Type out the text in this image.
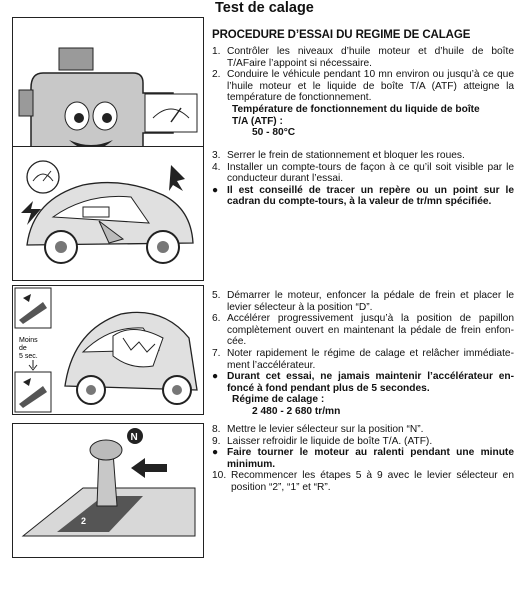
Test de calage
PROCEDURE D’ESSAI DU REGIME DE CALAGE
Moins
de
5 sec.
2
N
1. Contrôler les niveaux d’huile moteur et d’huile de boîte T/AFaire l’appoint si nécessaire.
2. Conduire le véhicule pendant 10 mn environ ou jusqu’à ce que l’huile moteur et le liquide de boîte T/A (ATF) atteigne la température de fonctionnement.
Température de fonctionnement du liquide de boîte
T/A (ATF) :
50 - 80°C
3. Serrer le frein de stationnement et bloquer les roues.
4. Installer un compte-tours de façon à ce qu’il soit visible par le conducteur durant l’essai.
● Il est conseillé de tracer un repère ou un point sur le cadran du compte-tours, à la valeur de tr/mn spécifiée.
5. Démarrer le moteur, enfoncer la pédale de frein et placer le levier sélecteur à la position “D”.
6. Accélérer progressivement jusqu’à la position de papillon complètement ouvert en maintenant la pédale de frein enfon-cée.
7. Noter rapidement le régime de calage et relâcher immédiate-ment l’accélérateur.
● Durant cet essai, ne jamais maintenir l’accélérateur en-foncé à fond pendant plus de 5 secondes.
Régime de calage :
2 480 - 2 680 tr/mn
8. Mettre le levier sélecteur sur la position “N”.
9. Laisser refroidir le liquide de boîte T/A. (ATF).
● Faire tourner le moteur au ralenti pendant une minute minimum.
10. Recommencer les étapes 5 à 9 avec le levier sélecteur en position “2”, “1” et “R”.
